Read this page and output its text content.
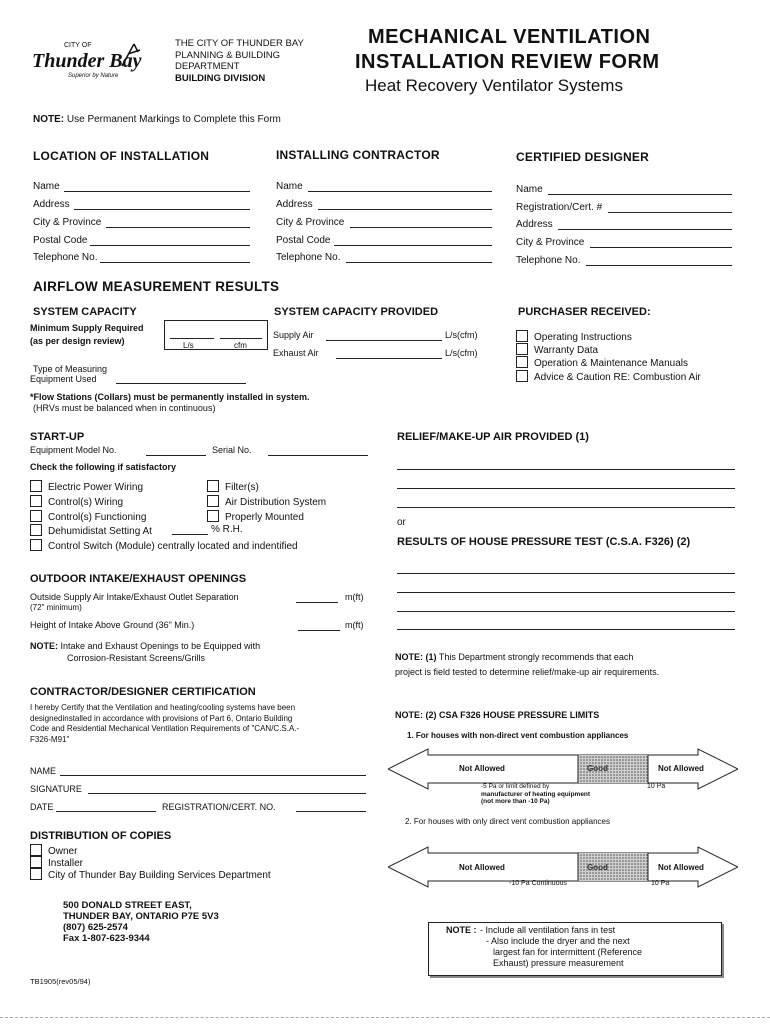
CITY OF
Thunder Bay
Superior by Nature
THE CITY OF THUNDER BAY
PLANNING & BUILDING
DEPARTMENT
BUILDING DIVISION
MECHANICAL VENTILATION
INSTALLATION REVIEW FORM
Heat Recovery Ventilator Systems
NOTE: Use Permanent Markings to Complete this Form
LOCATION OF INSTALLATION	INSTALLING CONTRACTOR	CERTIFIED DESIGNER
Name
Address
City & Province
Postal Code
Telephone No.
Name
Address
City & Province
Postal Code
Telephone No.
Name
Registration/Cert. #
Address
City & Province
Telephone No.
AIRFLOW MEASUREMENT RESULTS
SYSTEM CAPACITY
Minimum Supply Required
(as per design review)	L/s	cfm
Type of Measuring
Equipment Used
SYSTEM CAPACITY PROVIDED
Supply Air	L/s(cfm)
Exhaust Air	L/s(cfm)
PURCHASER RECEIVED:
Operating Instructions
Warranty Data
Operation & Maintenance Manuals
Advice & Caution RE: Combustion Air
*Flow Stations (Collars) must be permanently installed in system.
(HRVs must be balanced when in continuous)
START-UP
Equipment Model No.	Serial No.
Check the following if satisfactory
Electric Power Wiring
Control(s) Wiring
Control(s) Functioning
Dehumidistat Setting At	% R.H.
Filter(s)
Air Distribution System
Properly Mounted
Control Switch (Module) centrally located and indentified
RELIEF/MAKE-UP AIR PROVIDED (1)
or
RESULTS OF HOUSE PRESSURE TEST (C.S.A. F326) (2)
OUTDOOR INTAKE/EXHAUST OPENINGS
Outside Supply Air Intake/Exhaust Outlet Separation	m(ft)
(72" minimum)
Height of Intake Above Ground (36" Min.)	m(ft)
NOTE: Intake and Exhaust Openings to be Equipped with
Corrosion-Resistant Screens/Grills	NOTE: (1) This Department strongly recommends that each
project is field tested to determine relief/make-up air requirements.
CONTRACTOR/DESIGNER CERTIFICATION
I hereby Certify that the Ventilation and heating/cooling systems have been
designedinstalled in accordance with provisions of Part 6, Ontario Building
Code and Residential Mechanical Ventilation Requirements of "CAN/C.S.A.-
F326-M91"
NAME
SIGNATURE
DATE	REGISTRATION/CERT. NO.
NOTE: (2) CSA F326 HOUSE PRESSURE LIMITS
1. For houses with non-direct vent combustion appliances
Not Allowed	Good	Not Allowed
-5 Pa or limit defined by
manufacturer of heating equipment
(not more than -10 Pa)
10 Pa
2. For houses with only direct vent combustion appliances
Not Allowed	Good	Not Allowed
-10 Pa Continuous	10 Pa
DISTRIBUTION OF COPIES
Owner
Installer
City of Thunder Bay Building Services Department
500 DONALD STREET EAST,
THUNDER BAY, ONTARIO P7E 5V3
(807) 625-2574
Fax 1-807-623-9344
NOTE : - Include all ventilation fans in test
- Also include the dryer and the next
largest fan for intermittent (Reference
Exhaust) pressure measurement
TB1905(rev05/94)
